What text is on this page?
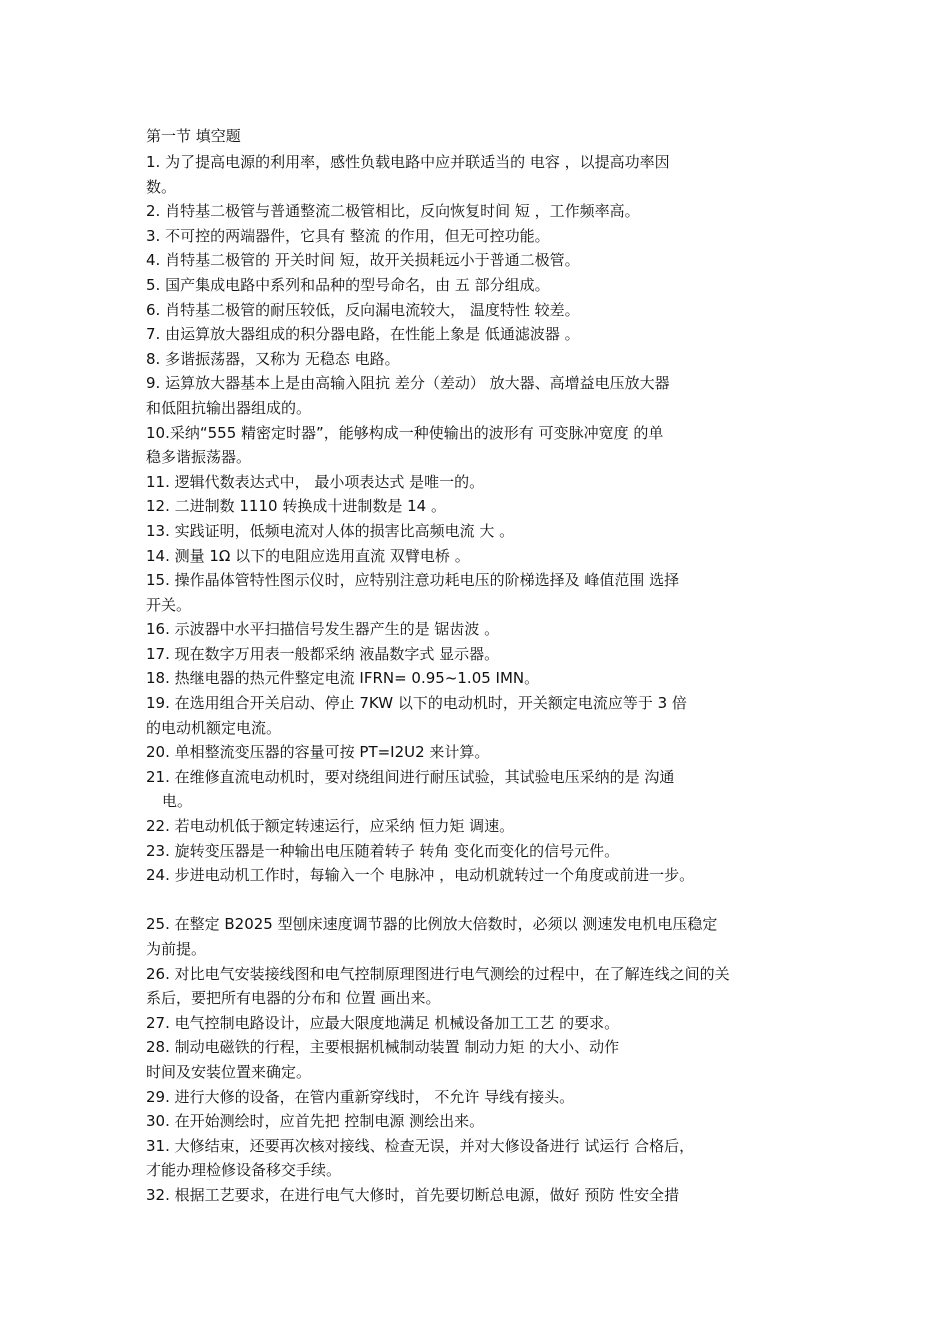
第一节 填空题
1. 为了提高电源的利用率，感性负载电路中应并联适当的 电容 ，以提高功率因
数。
2. 肖特基二极管与普通整流二极管相比，反向恢复时间 短 ，工作频率高。
3. 不可控的两端器件，它具有 整流 的作用，但无可控功能。
4. 肖特基二极管的 开关时间 短，故开关损耗远小于普通二极管。
5. 国产集成电路中系列和品种的型号命名，由 五 部分组成。
6. 肖特基二极管的耐压较低，反向漏电流较大， 温度特性 较差。
7. 由运算放大器组成的积分器电路，在性能上象是 低通滤波器 。
8. 多谐振荡器，又称为 无稳态 电路。
9. 运算放大器基本上是由高输入阻抗 差分（差动） 放大器、高增益电压放大器
和低阻抗输出器组成的。
10.采纳“555 精密定时器”，能够构成一种使输出的波形有 可变脉冲宽度 的单
稳多谐振荡器。
11. 逻辑代数表达式中， 最小项表达式 是唯一的。
12. 二进制数 1110 转换成十进制数是 14 。
13. 实践证明，低频电流对人体的损害比高频电流 大 。
14. 测量 1Ω 以下的电阻应选用直流 双臂电桥 。
15. 操作晶体管特性图示仪时，应特别注意功耗电压的阶梯选择及 峰值范围 选择
开关。
16. 示波器中水平扫描信号发生器产生的是 锯齿波 。
17. 现在数字万用表一般都采纳 液晶数字式 显示器。
18. 热继电器的热元件整定电流 IFRN= 0.95~1.05 IMN。
19. 在选用组合开关启动、停止 7KW 以下的电动机时，开关额定电流应等于 3 倍
的电动机额定电流。
20. 单相整流变压器的容量可按 PT=I2U2 来计算。
21. 在维修直流电动机时，要对绕组间进行耐压试验，其试验电压采纳的是 沟通
电。
22. 若电动机低于额定转速运行，应采纳 恒力矩 调速。
23. 旋转变压器是一种输出电压随着转子 转角 变化而变化的信号元件。
24. 步进电动机工作时，每输入一个 电脉冲 ，电动机就转过一个角度或前进一步。
25. 在整定 B2025 型刨床速度调节器的比例放大倍数时，必须以 测速发电机电压稳定
为前提。
26. 对比电气安装接线图和电气控制原理图进行电气测绘的过程中，在了解连线之间的关
系后，要把所有电器的分布和 位置 画出来。
27. 电气控制电路设计，应最大限度地满足 机械设备加工工艺 的要求。
28. 制动电磁铁的行程，主要根据机械制动装置 制动力矩 的大小、动作
时间及安装位置来确定。
29. 进行大修的设备，在管内重新穿线时， 不允许 导线有接头。
30. 在开始测绘时，应首先把 控制电源 测绘出来。
31. 大修结束，还要再次核对接线、检查无误，并对大修设备进行 试运行 合格后，
才能办理检修设备移交手续。
32. 根据工艺要求，在进行电气大修时，首先要切断总电源，做好 预防 性安全措
